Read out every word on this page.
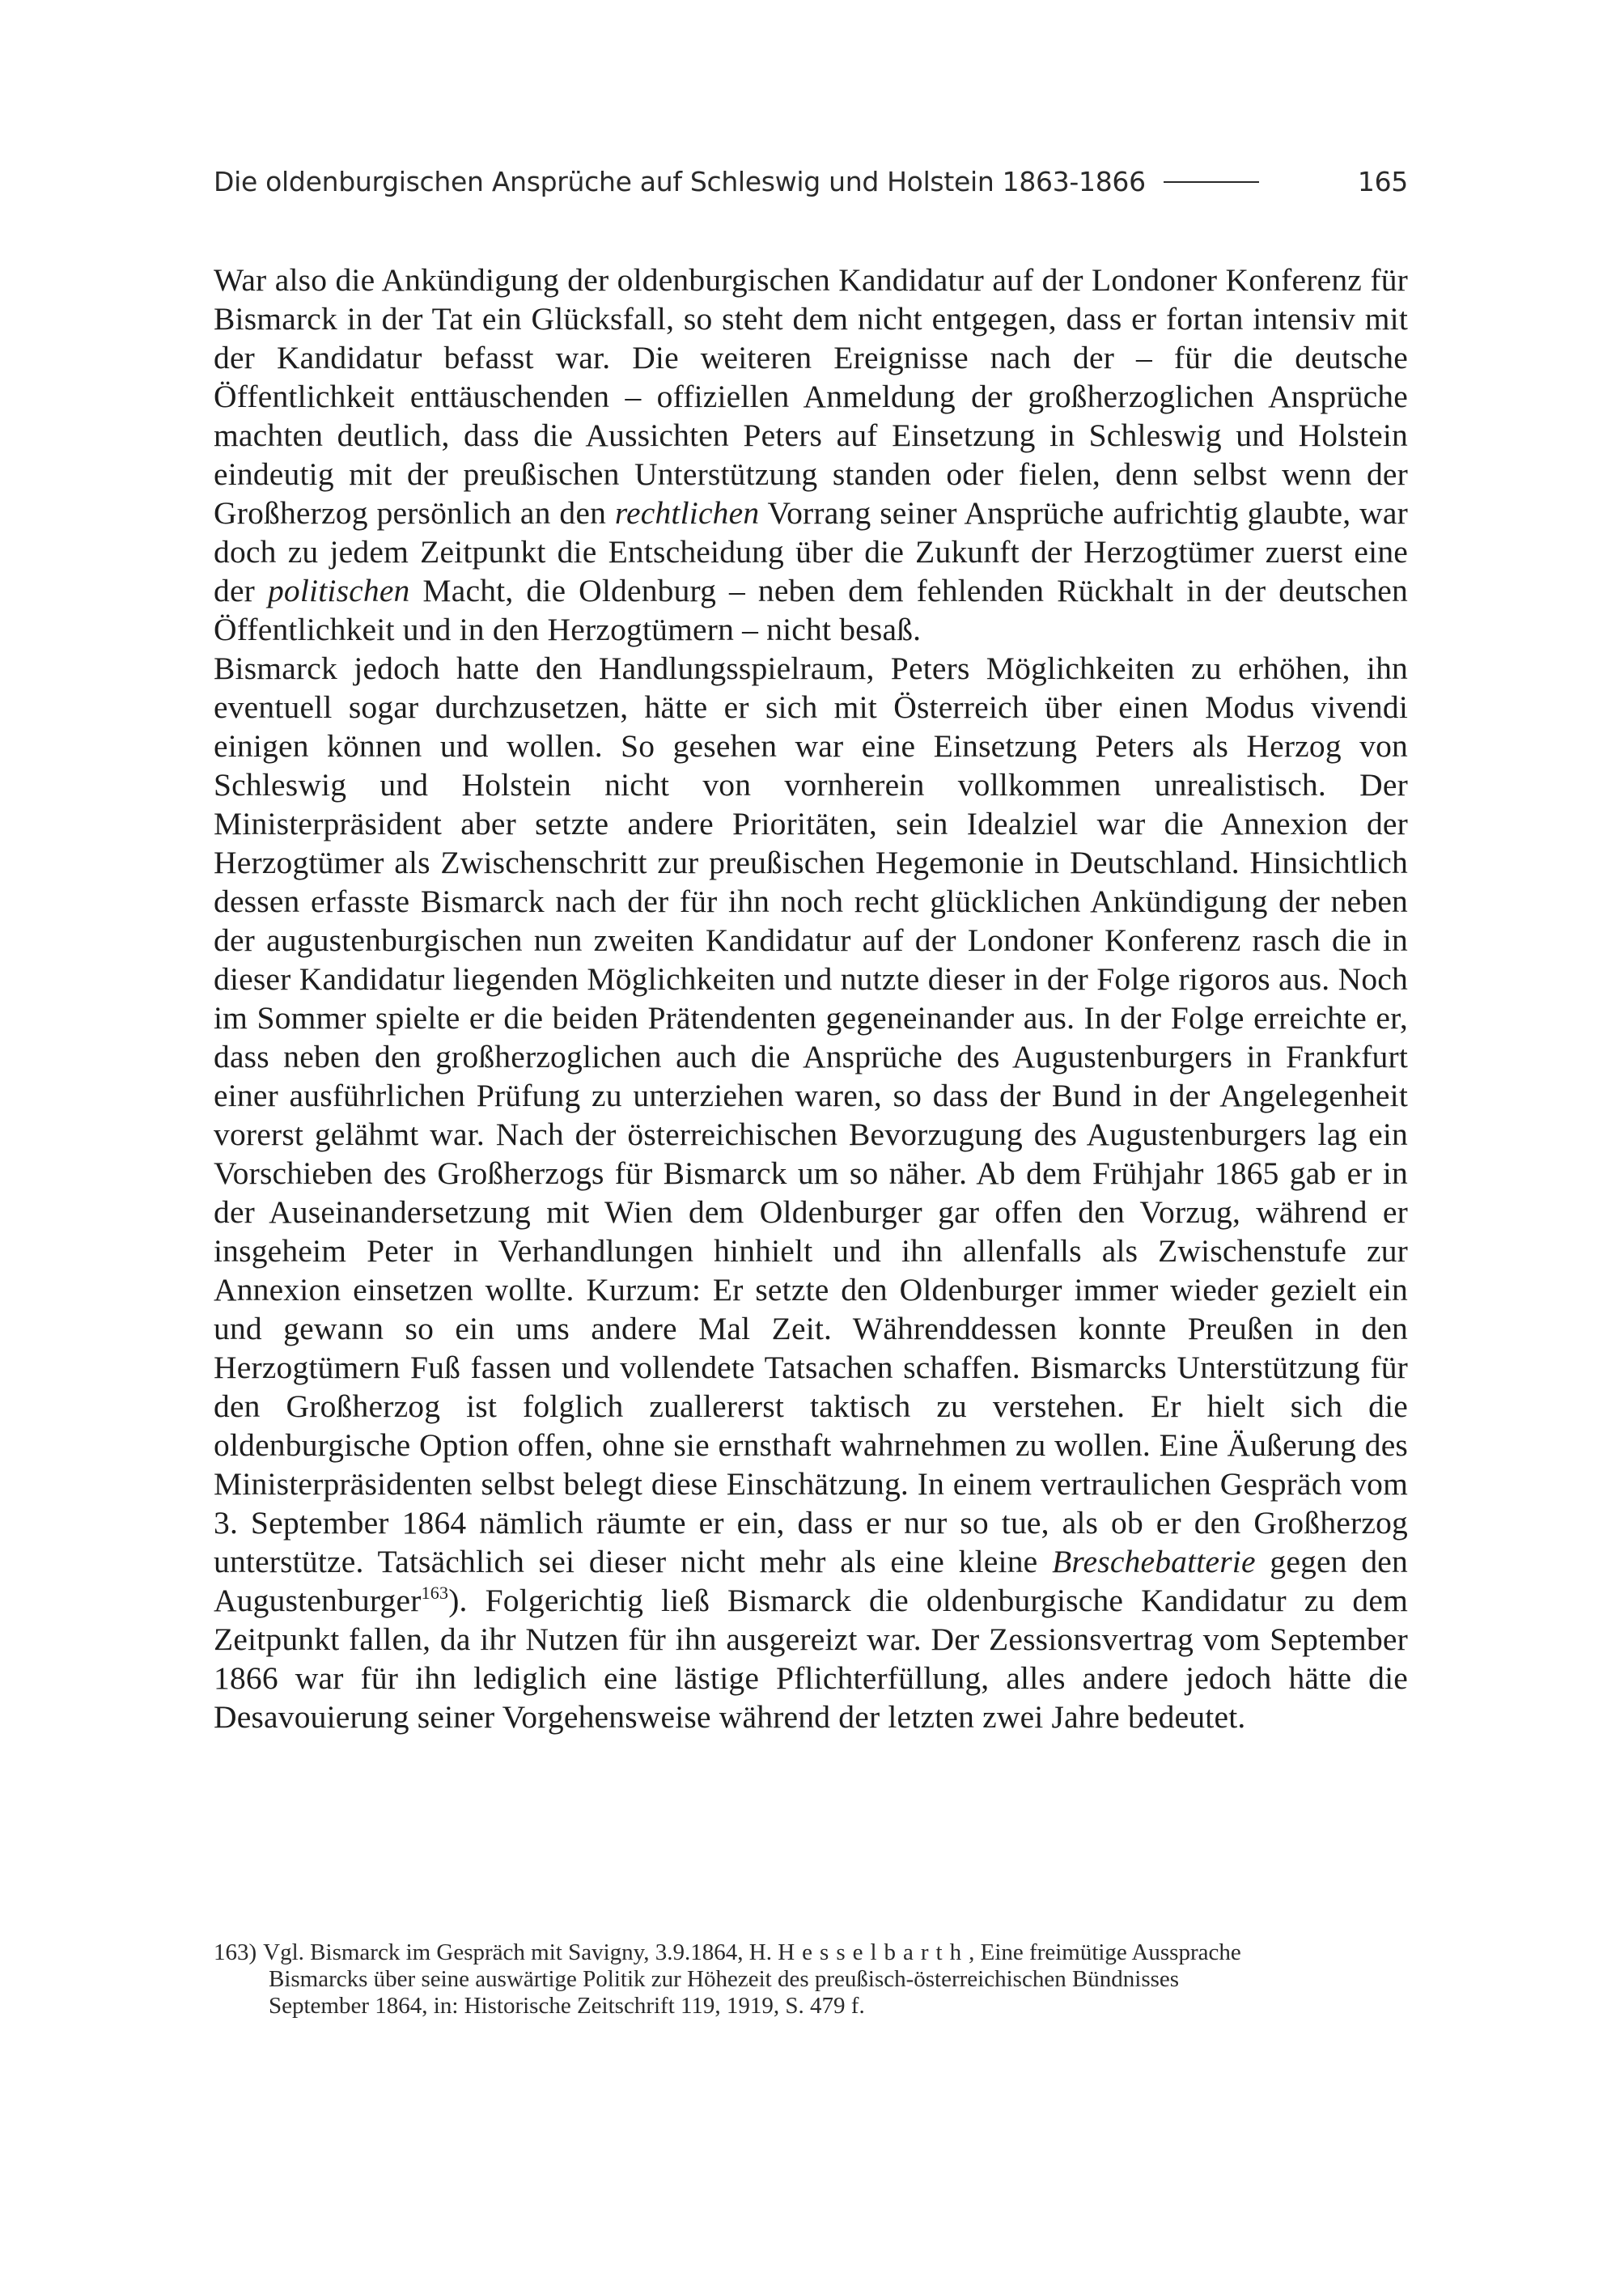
Die oldenburgischen Ansprüche auf Schleswig und Holstein 1863-1866	165

War also die Ankündigung der oldenburgischen Kandidatur auf der Londoner Konferenz für Bismarck in der Tat ein Glücksfall, so steht dem nicht entgegen, dass er fortan intensiv mit der Kandidatur befasst war. Die weiteren Ereignisse nach der – für die deutsche Öffentlichkeit enttäuschenden – offiziellen Anmeldung der großherzoglichen Ansprüche machten deutlich, dass die Aussichten Peters auf Einsetzung in Schleswig und Holstein eindeutig mit der preußischen Unterstützung standen oder fielen, denn selbst wenn der Großherzog persönlich an den rechtlichen Vorrang seiner Ansprüche aufrichtig glaubte, war doch zu jedem Zeitpunkt die Entscheidung über die Zukunft der Herzogtümer zuerst eine der politischen Macht, die Oldenburg – neben dem fehlenden Rückhalt in der deutschen Öffentlichkeit und in den Herzogtümern – nicht besaß.

Bismarck jedoch hatte den Handlungsspielraum, Peters Möglichkeiten zu erhöhen, ihn eventuell sogar durchzusetzen, hätte er sich mit Österreich über einen Modus vivendi einigen können und wollen. So gesehen war eine Einsetzung Peters als Herzog von Schleswig und Holstein nicht von vornherein vollkommen unrealistisch. Der Ministerpräsident aber setzte andere Prioritäten, sein Idealziel war die Annexion der Herzogtümer als Zwischenschritt zur preußischen Hegemonie in Deutschland. Hinsichtlich dessen erfasste Bismarck nach der für ihn noch recht glücklichen Ankündigung der neben der augustenburgischen nun zweiten Kandidatur auf der Londoner Konferenz rasch die in dieser Kandidatur liegenden Möglichkeiten und nutzte dieser in der Folge rigoros aus. Noch im Sommer spielte er die beiden Prätendenten gegeneinander aus. In der Folge erreichte er, dass neben den großherzoglichen auch die Ansprüche des Augustenburgers in Frankfurt einer ausführlichen Prüfung zu unterziehen waren, so dass der Bund in der Angelegenheit vorerst gelähmt war. Nach der österreichischen Bevorzugung des Augustenburgers lag ein Vorschieben des Großherzogs für Bismarck um so näher. Ab dem Frühjahr 1865 gab er in der Auseinandersetzung mit Wien dem Oldenburger gar offen den Vorzug, während er insgeheim Peter in Verhandlungen hinhielt und ihn allenfalls als Zwischenstufe zur Annexion einsetzen wollte. Kurzum: Er setzte den Oldenburger immer wieder gezielt ein und gewann so ein ums andere Mal Zeit. Währenddessen konnte Preußen in den Herzogtümern Fuß fassen und vollendete Tatsachen schaffen. Bismarcks Unterstützung für den Großherzog ist folglich zuallererst taktisch zu verstehen. Er hielt sich die oldenburgische Option offen, ohne sie ernsthaft wahrnehmen zu wollen. Eine Äußerung des Ministerpräsidenten selbst belegt diese Einschätzung. In einem vertraulichen Gespräch vom 3. September 1864 nämlich räumte er ein, dass er nur so tue, als ob er den Großherzog unterstütze. Tatsächlich sei dieser nicht mehr als eine kleine Breschebatterie gegen den Augustenburger$^{163}$). Folgerichtig ließ Bismarck die oldenburgische Kandidatur zu dem Zeitpunkt fallen, da ihr Nutzen für ihn ausgereizt war. Der Zessionsvertrag vom September 1866 war für ihn lediglich eine lästige Pflichterfüllung, alles andere jedoch hätte die Desavouierung seiner Vorgehensweise während der letzten zwei Jahre bedeutet.

163) Vgl. Bismarck im Gespräch mit Savigny, 3.9.1864, H. Hesselbarth, Eine freimütige Aussprache
Bismarcks über seine auswärtige Politik zur Höhezeit des preußisch-österreichischen Bündnisses
September 1864, in: Historische Zeitschrift 119, 1919, S. 479 f.
